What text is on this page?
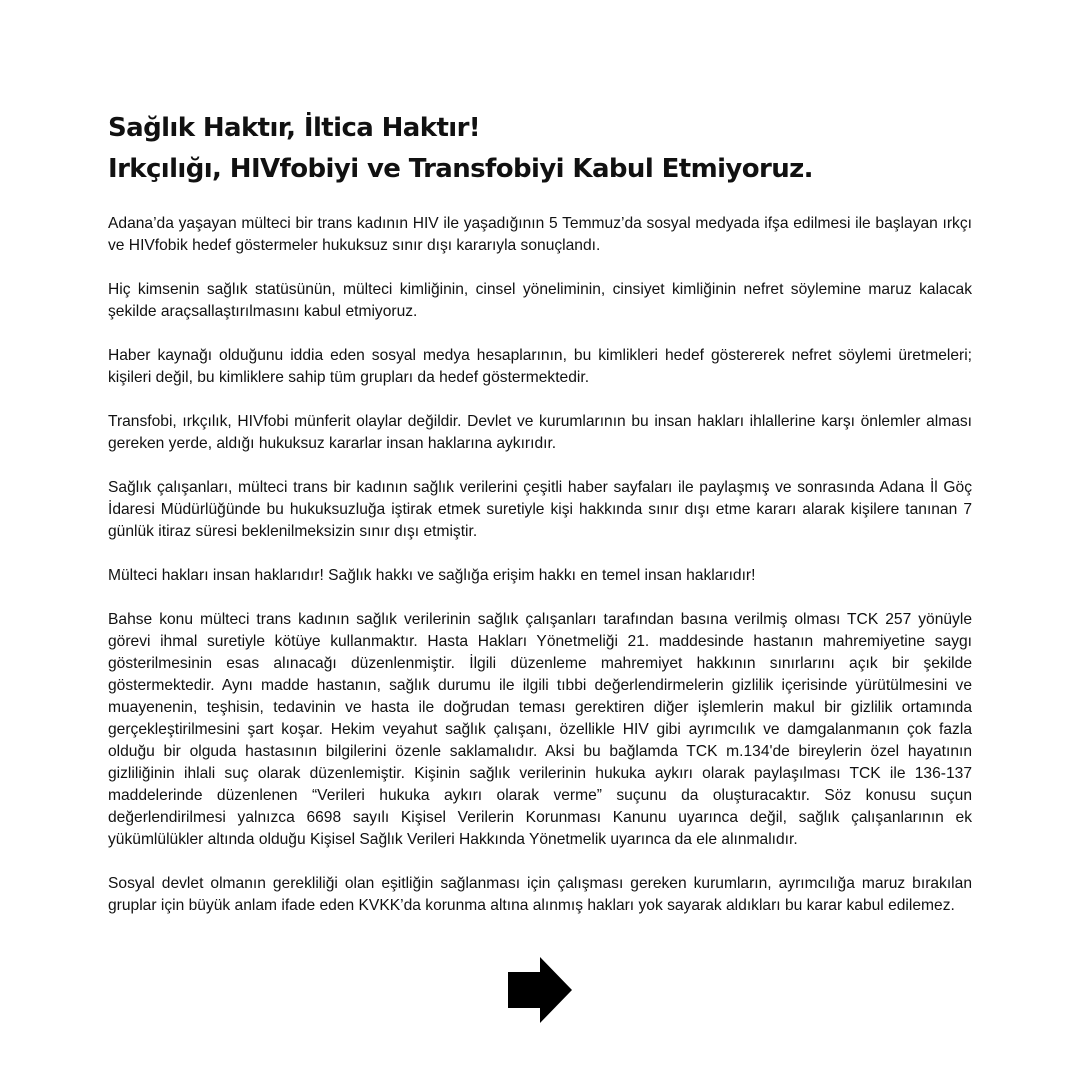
Sağlık Haktır, İltica Haktır!
Irkçılığı, HIVfobiyi ve Transfobiyi Kabul Etmiyoruz.

Adana’da yaşayan mülteci bir trans kadının HIV ile yaşadığının 5 Temmuz’da sosyal medyada ifşa edilmesi ile başlayan ırkçı ve HIVfobik hedef göstermeler hukuksuz sınır dışı kararıyla sonuçlandı.

Hiç kimsenin sağlık statüsünün, mülteci kimliğinin, cinsel yöneliminin, cinsiyet kimliğinin nefret söylemine maruz kalacak şekilde araçsallaştırılmasını kabul etmiyoruz.

Haber kaynağı olduğunu iddia eden sosyal medya hesaplarının, bu kimlikleri hedef göstererek nefret söylemi üretmeleri; kişileri değil, bu kimliklere sahip tüm grupları da hedef göstermektedir.

Transfobi, ırkçılık, HIVfobi münferit olaylar değildir. Devlet ve kurumlarının bu insan hakları ihlallerine karşı önlemler alması gereken yerde, aldığı hukuksuz kararlar insan haklarına aykırıdır.

Sağlık çalışanları, mülteci trans bir kadının sağlık verilerini çeşitli haber sayfaları ile paylaşmış ve sonrasında Adana İl Göç İdaresi Müdürlüğünde bu hukuksuzluğa iştirak etmek suretiyle kişi hakkında sınır dışı etme kararı alarak kişilere tanınan 7 günlük itiraz süresi beklenilmeksizin sınır dışı etmiştir.

Mülteci hakları insan haklarıdır! Sağlık hakkı ve sağlığa erişim hakkı en temel insan haklarıdır!

Bahse konu mülteci trans kadının sağlık verilerinin sağlık çalışanları tarafından basına verilmiş olması TCK 257 yönüyle görevi ihmal suretiyle kötüye kullanmaktır. Hasta Hakları Yönetmeliği 21. maddesinde hastanın mahremiyetine saygı gösterilmesinin esas alınacağı düzenlenmiştir. İlgili düzenleme mahremiyet hakkının sınırlarını açık bir şekilde göstermektedir. Aynı madde hastanın, sağlık durumu ile ilgili tıbbi değerlendirmelerin gizlilik içerisinde yürütülmesini ve muayenenin, teşhisin, tedavinin ve hasta ile doğrudan teması gerektiren diğer işlemlerin makul bir gizlilik ortamında gerçekleştirilmesini şart koşar. Hekim veyahut sağlık çalışanı, özellikle HIV gibi ayrımcılık ve damgalanmanın çok fazla olduğu bir olguda hastasının bilgilerini özenle saklamalıdır. Aksi bu bağlamda TCK m.134'de bireylerin özel hayatının gizliliğinin ihlali suç olarak düzenlemiştir. Kişinin sağlık verilerinin hukuka aykırı olarak paylaşılması TCK ile 136-137 maddelerinde düzenlenen “Verileri hukuka aykırı olarak verme” suçunu da oluşturacaktır. Söz konusu suçun değerlendirilmesi yalnızca 6698 sayılı Kişisel Verilerin Korunması Kanunu uyarınca değil, sağlık çalışanlarının ek yükümlülükler altında olduğu Kişisel Sağlık Verileri Hakkında Yönetmelik uyarınca da ele alınmalıdır.

Sosyal devlet olmanın gerekliliği olan eşitliğin sağlanması için çalışması gereken kurumların, ayrımcılığa maruz bırakılan gruplar için büyük anlam ifade eden KVKK’da korunma altına alınmış hakları yok sayarak aldıkları bu karar kabul edilemez.
